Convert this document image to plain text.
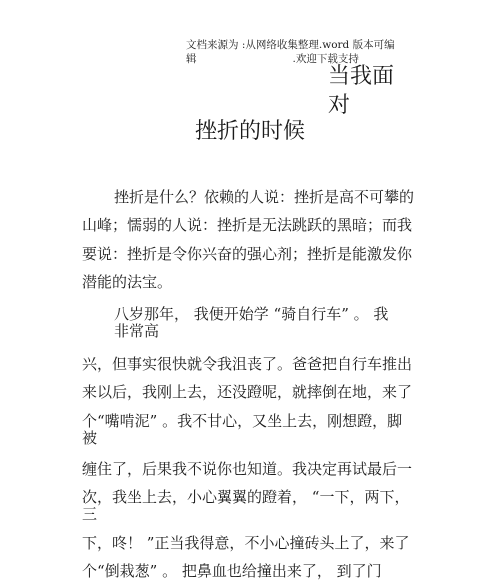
文档来源为 :从网络收集整理.word 版本可编
辑	.欢迎下载支持
当我面
对
挫折的时候
挫折是什么？依赖的人说：挫折是高不可攀的
山峰；懦弱的人说：挫折是无法跳跃的黑暗；而我
要说：挫折是令你兴奋的强心剂；挫折是能激发你
潜能的法宝。
八岁那年， 我便开始学 “骑自行车” 。 我
非常高
兴，但事实很快就令我沮丧了。爸爸把自行车推出
来以后，我刚上去，还没蹬呢，就摔倒在地，来了
个“嘴啃泥” 。我不甘心，又坐上去，刚想蹬，脚
被
缠住了，后果我不说你也知道。我决定再试最后一
次，我坐上去，小心翼翼的蹬着， “一下，两下，
三
下，咚！ ”正当我得意，不小心撞砖头上了，来了
个“倒栽葱” 。 把鼻血也给撞出来了， 到了门
